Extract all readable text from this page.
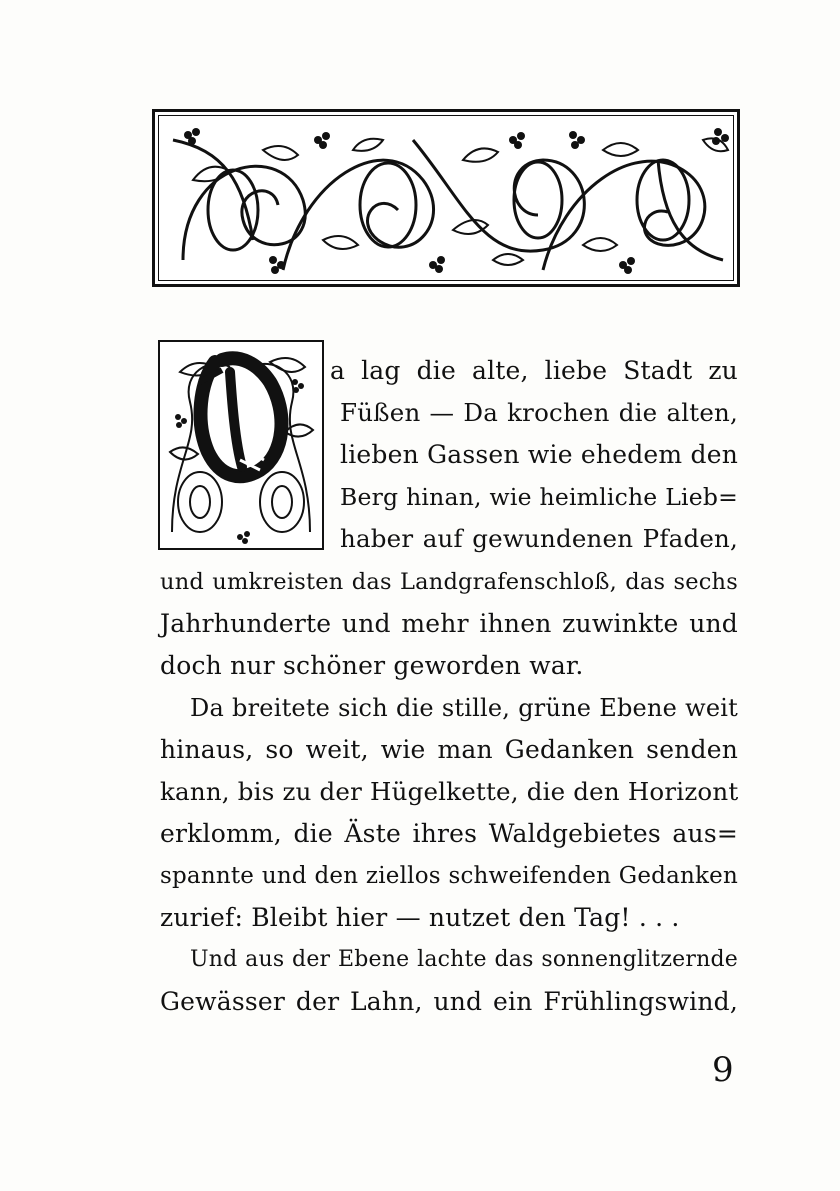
a lag die alte, liebe Stadt zu
Füßen — Da krochen die alten,
lieben Gassen wie ehedem den
Berg hinan, wie heimliche Lieb=
haber auf gewundenen Pfaden,
und umkreisten das Landgrafenschloß, das sechs
Jahrhunderte und mehr ihnen zuwinkte und
doch nur schöner geworden war.
Da breitete sich die stille, grüne Ebene weit
hinaus, so weit, wie man Gedanken senden
kann, bis zu der Hügelkette, die den Horizont
erklomm, die Äste ihres Waldgebietes aus=
spannte und den ziellos schweifenden Gedanken
zurief: Bleibt hier — nutzet den Tag! . . .
Und aus der Ebene lachte das sonnenglitzernde
Gewässer der Lahn, und ein Frühlingswind,
9
